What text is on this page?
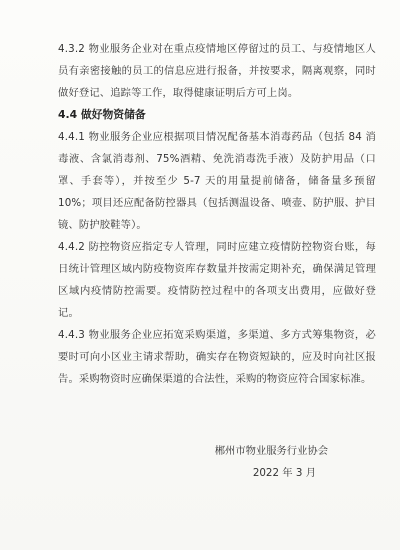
4.3.2 物业服务企业对在重点疫情地区停留过的员工、与疫情地区人员有亲密接触的员工的信息应进行报备，并按要求，隔离观察，同时做好登记、追踪等工作，取得健康证明后方可上岗。

4.4 做好物资储备

4.4.1 物业服务企业应根据项目情况配备基本消毒药品（包括 84 消毒液、含氯消毒剂、75%酒精、免洗消毒洗手液）及防护用品（口罩、手套等），并按至少 5-7 天的用量提前储备，储备量多预留 10%；项目还应配备防控器具（包括测温设备、喷壶、防护服、护目镜、防护胶鞋等）。

4.4.2 防控物资应指定专人管理，同时应建立疫情防控物资台账，每日统计管理区域内防疫物资库存数量并按需定期补充，确保满足管理区域内疫情防控需要。疫情防控过程中的各项支出费用，应做好登记。

4.4.3 物业服务企业应拓宽采购渠道，多渠道、多方式筹集物资，必要时可向小区业主请求帮助，确实存在物资短缺的，应及时向社区报告。采购物资时应确保渠道的合法性，采购的物资应符合国家标准。

郴州市物业服务行业协会
2022 年 3 月
